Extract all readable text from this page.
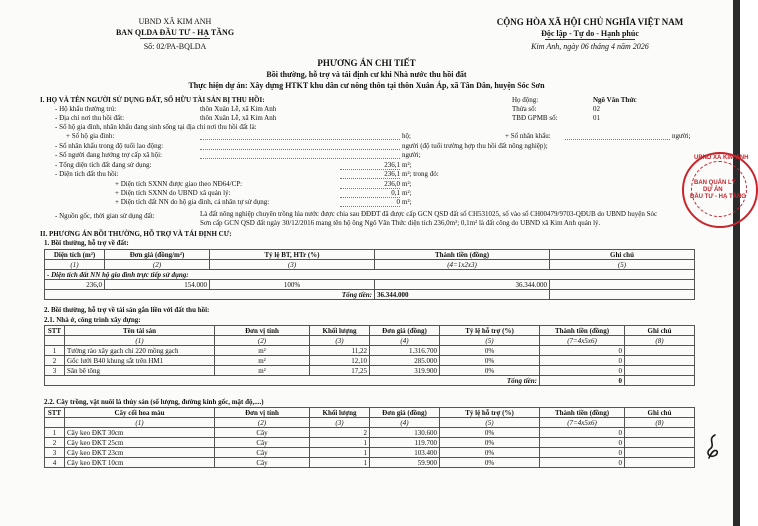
UBND XÃ KIM ANH
BAN QLDA ĐẦU TƯ - HẠ TẦNG
Số: 02/PA-BQLDA
CỘNG HÒA XÃ HỘI CHỦ NGHĨA VIỆT NAM
Độc lập - Tự do - Hạnh phúc
Kim Anh, ngày 06 tháng 4 năm 2026
PHƯƠNG ÁN CHI TIẾT
Bồi thường, hỗ trợ và tái định cư khi Nhà nước thu hồi đất
Thực hiện dự án: Xây dựng HTKT khu dân cư nông thôn tại thôn Xuân Áp, xã Tân Dân, huyện Sóc Sơn
I. HỌ VÀ TÊN NGƯỜI SỬ DỤNG ĐẤT, SỐ HỮU TÀI SẢN BỊ THU HỒI:	Họ động:	Ngô Văn Thức
Thửa số:	02
TBĐ GPMB số:	01
- Hộ khẩu thường trú:	thôn Xuân Lễ, xã Kim Anh
- Địa chỉ nơi thu hồi đất:	thôn Xuân Lễ, xã Kim Anh
- Số hộ gia đình, nhân khẩu đang sinh sống tại địa chỉ nơi thu hồi đất là:
+ Số hộ gia đình:	hộ;	+ Số nhân khẩu:	người;
- Số nhân khẩu trong độ tuổi lao động:	người (độ tuổi trường hợp thu hồi đất nông nghiệp);
- Số người đang hưởng trợ cấp xã hội:	người;
- Tổng diện tích đất đang sử dụng:	236,1 m²;
- Diện tích đất thu hồi:	236,1 m²; trong đó:
+ Diện tích SXNN được giao theo NĐ64/CP:	236,0 m²;
+ Diện tích SXNN do UBND xã quản lý:	0,1 m²;
+ Diện tích đất NN do hộ gia đình, cá nhân tự sử dụng:	0 m²;
- Nguồn gốc, thời gian sử dụng đất:	Là đất nông nghiệp chuyên trồng lúa nước được chia sau ĐĐĐT đã được cấp GCN QSD đất số CH531025, số vào sổ CH00479/9703-QĐUB do UBND huyện Sóc
Sơn cấp GCN QSD đất ngày 30/12/2016 mang tên hộ ông Ngô Văn Thức diện tích 236,0m²; 0,1m² là đất công do UBND xã Kim Anh quản lý.
II. PHƯƠNG ÁN BỒI THƯỜNG, HỖ TRỢ VÀ TÁI ĐỊNH CƯ:
1. Bồi thường, hỗ trợ về đất:
Diện tích (m²)	Đơn giá (đồng/m²)	Tỷ lệ BT, HTr (%)	Thành tiền (đồng)	Ghi chú
(1)	(2)	(3)	(4=1x2x3)	(5)
- Diện tích đất NN hộ gia đình trực tiếp sử dụng:				
236,0	154.000	100%	36.344.000	
Tổng tiền:			36.344.000	
2. Bồi thường, hỗ trợ về tài sản gắn liền với đất thu hồi:
2.1. Nhà ở, công trình xây dựng:
STT	Tên tài sản	Đơn vị tính	Khối lượng	Đơn giá (đồng)	Tỷ lệ hỗ trợ (%)	Thành tiền (đồng)	Ghi chú
	(1)	(2)	(3)	(4)	(5)	(7=4x5x6)	(8)
1	Tường rào xây gạch chỉ 220 mồng gạch	m²	11,22	1.316.700	0%	0	
2	Gốc lưới B40 khung sắt trên HM1	m²	12,10	285.000	0%	0	
3	Sân bê tông	m²	17,25	319.900	0%	0	
Tổng tiền:						0	
2.2. Cây trồng, vật nuôi là thủy sản (số lượng, đường kính gốc, mật độ,....)
STT	Cây cối hoa màu	Đơn vị tính	Khối lượng	Đơn giá (đồng)	Tỷ lệ hỗ trợ (%)	Thành tiền (đồng)	Ghi chú
	(1)	(2)	(3)	(4)	(5)	(7=4x5x6)	(8)
1	Cây keo ĐKT 30cm	Cây	2	130.600	0%	0	
2	Cây keo ĐKT 25cm	Cây	1	119.700	0%	0	
3	Cây keo ĐKT 23cm	Cây	1	103.400	0%	0	
4	Cây keo ĐKT 10cm	Cây	1	59.900	0%	0	
UBND XÃ KIM ANH
BAN QUẢN LÝ
DỰ ÁN
ĐẦU TƯ - HẠ TẦNG
